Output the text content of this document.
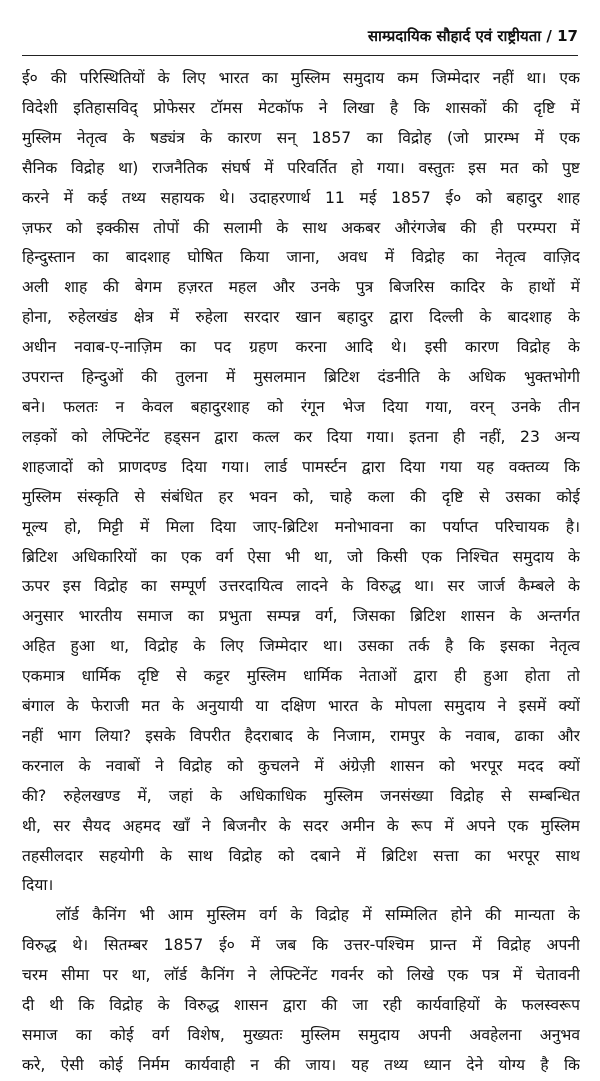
साम्प्रदायिक सौहार्द एवं राष्ट्रीयता / 17

ई० की परिस्थितियों के लिए भारत का मुस्लिम समुदाय कम जिम्मेदार नहीं था। एक
विदेशी इतिहासविद् प्रोफेसर टॉमस मेटकॉफ ने लिखा है कि शासकों की दृष्टि में
मुस्लिम नेतृत्व के षड्यंत्र के कारण सन् 1857 का विद्रोह (जो प्रारम्भ में एक
सैनिक विद्रोह था) राजनैतिक संघर्ष में परिवर्तित हो गया। वस्तुतः इस मत को पुष्ट
करने में कई तथ्य सहायक थे। उदाहरणार्थ 11 मई 1857 ई० को बहादुर शाह
ज़फर को इक्कीस तोपों की सलामी के साथ अकबर औरंगजेब की ही परम्परा में
हिन्दुस्तान का बादशाह घोषित किया जाना, अवध में विद्रोह का नेतृत्व वाज़िद
अली शाह की बेगम हज़रत महल और उनके पुत्र बिजरिस कादिर के हाथों में
होना, रुहेलखंड क्षेत्र में रुहेला सरदार खान बहादुर द्वारा दिल्ली के बादशाह के
अधीन नवाब-ए-नाज़िम का पद ग्रहण करना आदि थे। इसी कारण विद्रोह के
उपरान्त हिन्दुओं की तुलना में मुसलमान ब्रिटिश दंडनीति के अधिक भुक्तभोगी
बने। फलतः न केवल बहादुरशाह को रंगून भेज दिया गया, वरन् उनके तीन
लड़कों को लेफ्टिनेंट हड्सन द्वारा कत्ल कर दिया गया। इतना ही नहीं, 23 अन्य
शाहजादों को प्राणदण्ड दिया गया। लार्ड पामर्स्टन द्वारा दिया गया यह वक्तव्य कि
मुस्लिम संस्कृति से संबंधित हर भवन को, चाहे कला की दृष्टि से उसका कोई
मूल्य हो, मिट्टी में मिला दिया जाए-ब्रिटिश मनोभावना का पर्याप्त परिचायक है।
ब्रिटिश अधिकारियों का एक वर्ग ऐसा भी था, जो किसी एक निश्चित समुदाय के
ऊपर इस विद्रोह का सम्पूर्ण उत्तरदायित्व लादने के विरुद्ध था। सर जार्ज कैम्बले के
अनुसार भारतीय समाज का प्रभुता सम्पन्न वर्ग, जिसका ब्रिटिश शासन के अन्तर्गत
अहित हुआ था, विद्रोह के लिए जिम्मेदार था। उसका तर्क है कि इसका नेतृत्व
एकमात्र धार्मिक दृष्टि से कट्टर मुस्लिम धार्मिक नेताओं द्वारा ही हुआ होता तो
बंगाल के फेराजी मत के अनुयायी या दक्षिण भारत के मोपला समुदाय ने इसमें क्यों
नहीं भाग लिया? इसके विपरीत हैदराबाद के निजाम, रामपुर के नवाब, ढाका और
करनाल के नवाबों ने विद्रोह को कुचलने में अंग्रेज़ी शासन को भरपूर मदद क्यों
की? रुहेलखण्ड में, जहां के अधिकाधिक मुस्लिम जनसंख्या विद्रोह से सम्बन्धित
थी, सर सैयद अहमद खाँ ने बिजनौर के सदर अमीन के रूप में अपने एक मुस्लिम
तहसीलदार सहयोगी के साथ विद्रोह को दबाने में ब्रिटिश सत्ता का भरपूर साथ
दिया।

लॉर्ड कैनिंग भी आम मुस्लिम वर्ग के विद्रोह में सम्मिलित होने की मान्यता के
विरुद्ध थे। सितम्बर 1857 ई० में जब कि उत्तर-पश्चिम प्रान्त में विद्रोह अपनी
चरम सीमा पर था, लॉर्ड कैनिंग ने लेफ्टिनेंट गवर्नर को लिखे एक पत्र में चेतावनी
दी थी कि विद्रोह के विरुद्ध शासन द्वारा की जा रही कार्यवाहियों के फलस्वरूप
समाज का कोई वर्ग विशेष, मुख्यतः मुस्लिम समुदाय अपनी अवहेलना अनुभव
करे, ऐसी कोई निर्मम कार्यवाही न की जाय। यह तथ्य ध्यान देने योग्य है कि
